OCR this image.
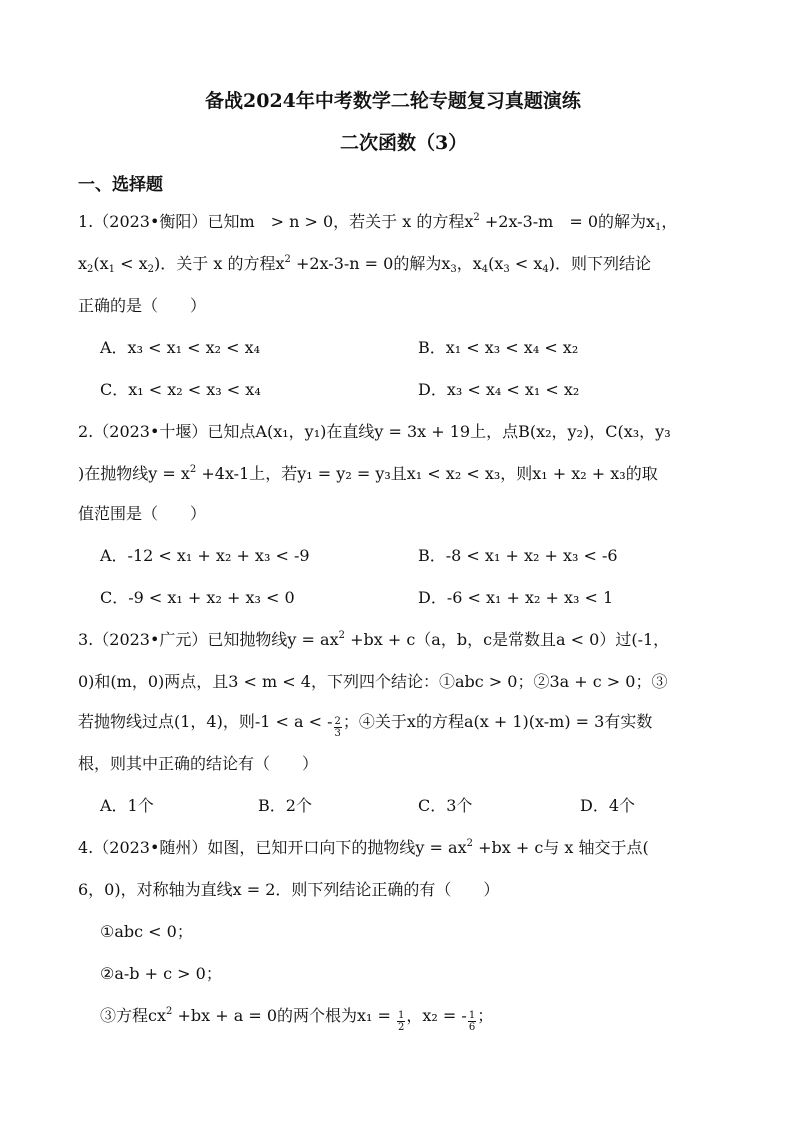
备战2024年中考数学二轮专题复习真题演练
二次函数（3）
一、选择题
1.（2023•衡阳）已知m　> n > 0，若关于 x 的方程$x^2 +2x-3-m$　= 0的解为$x_1$，
$x_2(x_1 < x_2)$．关于 x 的方程$x^2 +2x-3-n = 0$的解为$x_3$，$x_4(x_3 < x_4)$．则下列结论
正确的是（　　）
A．x₃ < x₁ < x₂ < x₄	B．x₁ < x₃ < x₄ < x₂
C．x₁ < x₂ < x₃ < x₄	D．x₃ < x₄ < x₁ < x₂
2.（2023•十堰）已知点A(x₁，y₁)在直线y = 3x + 19上，点B(x₂，y₂)，C(x₃，y₃
)在抛物线$y = x^2 +4x-1$上，若y₁ = y₂ = y₃且x₁ < x₂ < x₃，则x₁ + x₂ + x₃的取
值范围是（　　）
A．-12 < x₁ + x₂ + x₃ < -9	B．-8 < x₁ + x₂ + x₃ < -6
C．-9 < x₁ + x₂ + x₃ < 0	D．-6 < x₁ + x₂ + x₃ < 1
3.（2023•广元）已知抛物线$y = ax^2 +bx + c(a$，b，c是常数且a < 0）过(-1，
0)和(m，0)两点，且3 < m < 4，下列四个结论：①abc > 0；②3a + c > 0；③
若抛物线过点(1，4)，则-1 < a < - $\frac{2}{3}$ ；④关于x的方程a(x + 1)(x-m) = 3有实数
根，则其中正确的结论有（　　）
A．1个	B．2个	C．3个	D．4个
4.（2023•随州）如图，已知开口向下的抛物线$y = ax^2 +bx + c$与 x 轴交于点(
6，0)，对称轴为直线x = 2．则下列结论正确的有（　　）
①abc < 0；
②a-b + c > 0；
③方程$cx^2 +bx + a = 0$的两个根为$x_1 = \frac{1}{2}$ ，x₂ = - $\frac{1}{6}$ ；
